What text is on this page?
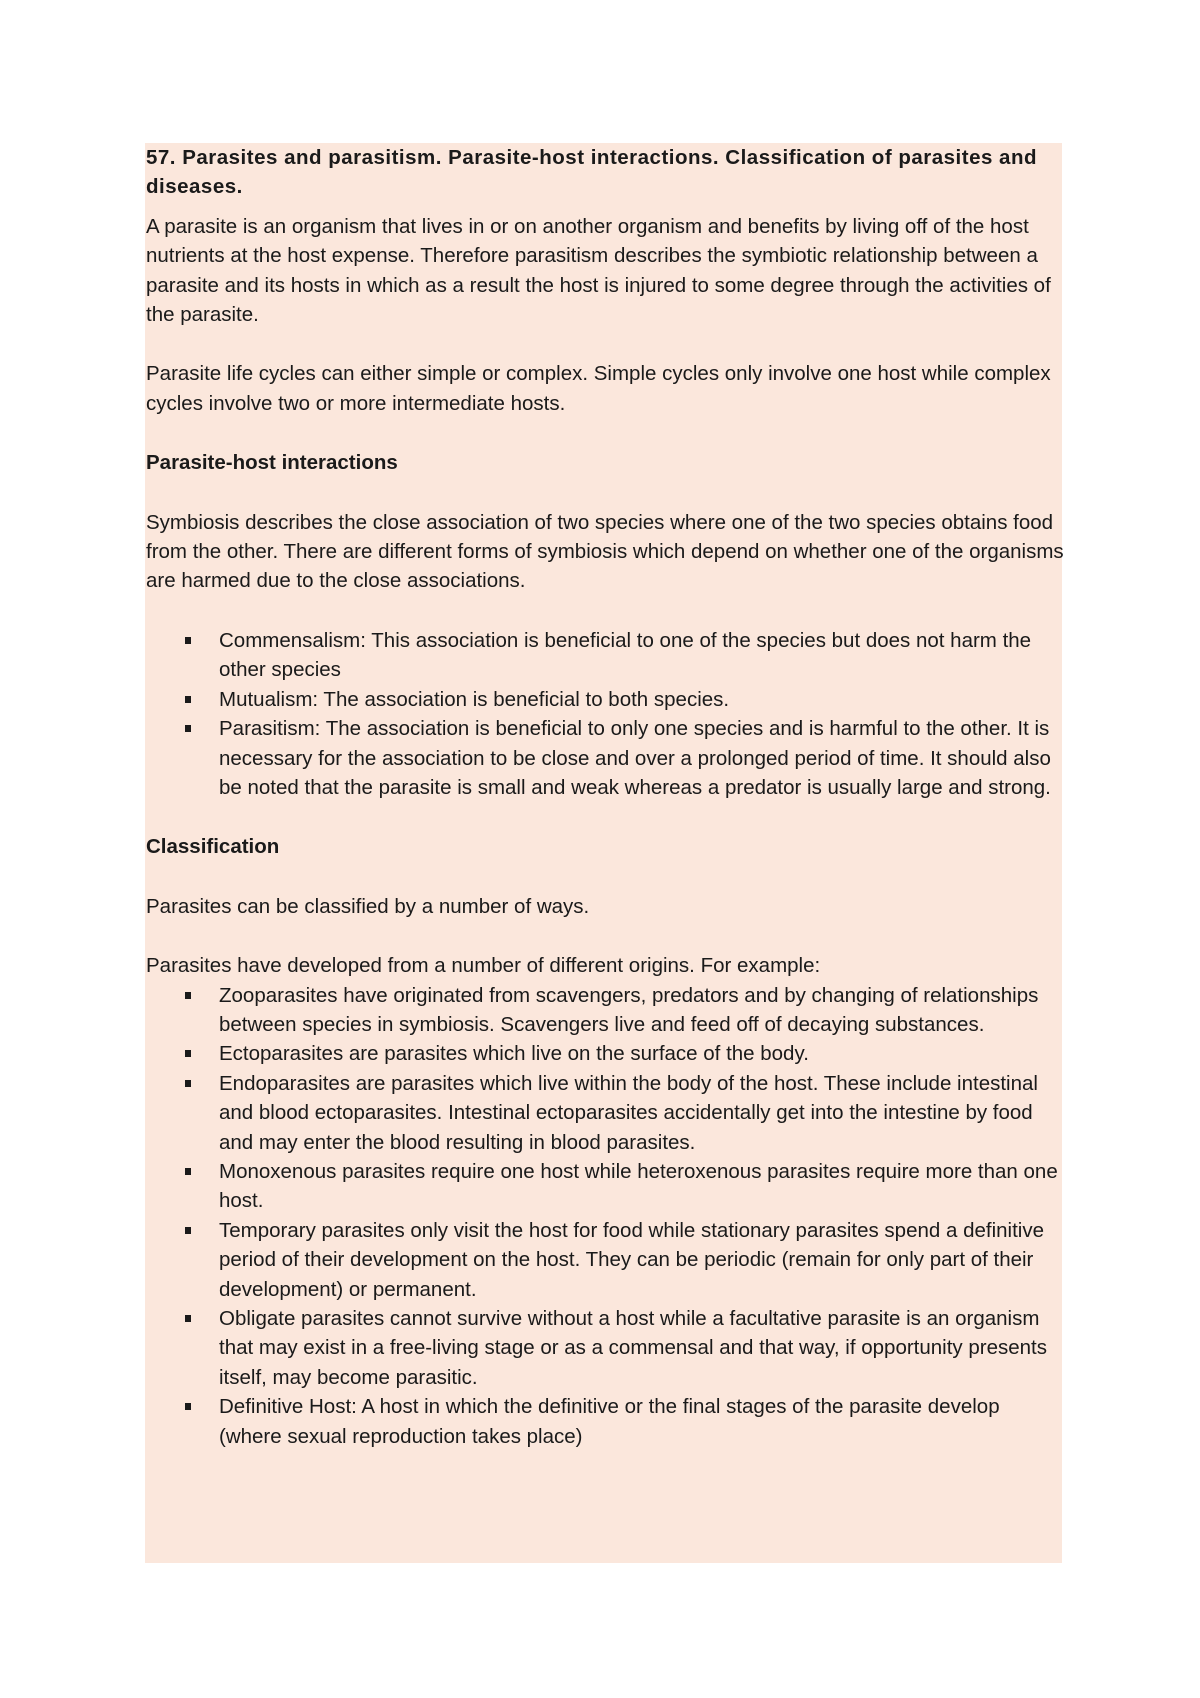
57. Parasites and parasitism. Parasite-host interactions. Classification of parasites and diseases.

A parasite is an organism that lives in or on another organism and benefits by living off of the host nutrients at the host expense. Therefore parasitism describes the symbiotic relationship between a parasite and its hosts in which as a result the host is injured to some degree through the activities of the parasite.

Parasite life cycles can either simple or complex. Simple cycles only involve one host while complex cycles involve two or more intermediate hosts.

Parasite-host interactions

Symbiosis describes the close association of two species where one of the two species obtains food from the other. There are different forms of symbiosis which depend on whether one of the organisms are harmed due to the close associations.

Commensalism: This association is beneficial to one of the species but does not harm the other species
Mutualism: The association is beneficial to both species.
Parasitism: The association is beneficial to only one species and is harmful to the other. It is necessary for the association to be close and over a prolonged period of time. It should also be noted that the parasite is small and weak whereas a predator is usually large and strong.

Classification

Parasites can be classified by a number of ways.

Parasites have developed from a number of different origins. For example:

Zooparasites have originated from scavengers, predators and by changing of relationships between species in symbiosis. Scavengers live and feed off of decaying substances.
Ectoparasites are parasites which live on the surface of the body.
Endoparasites are parasites which live within the body of the host. These include intestinal and blood ectoparasites. Intestinal ectoparasites accidentally get into the intestine by food and may enter the blood resulting in blood parasites.
Monoxenous parasites require one host while heteroxenous parasites require more than one host.
Temporary parasites only visit the host for food while stationary parasites spend a definitive period of their development on the host. They can be periodic (remain for only part of their development) or permanent.
Obligate parasites cannot survive without a host while a facultative parasite is an organism that may exist in a free-living stage or as a commensal and that way, if opportunity presents itself, may become parasitic.
Definitive Host: A host in which the definitive or the final stages of the parasite develop (where sexual reproduction takes place)
